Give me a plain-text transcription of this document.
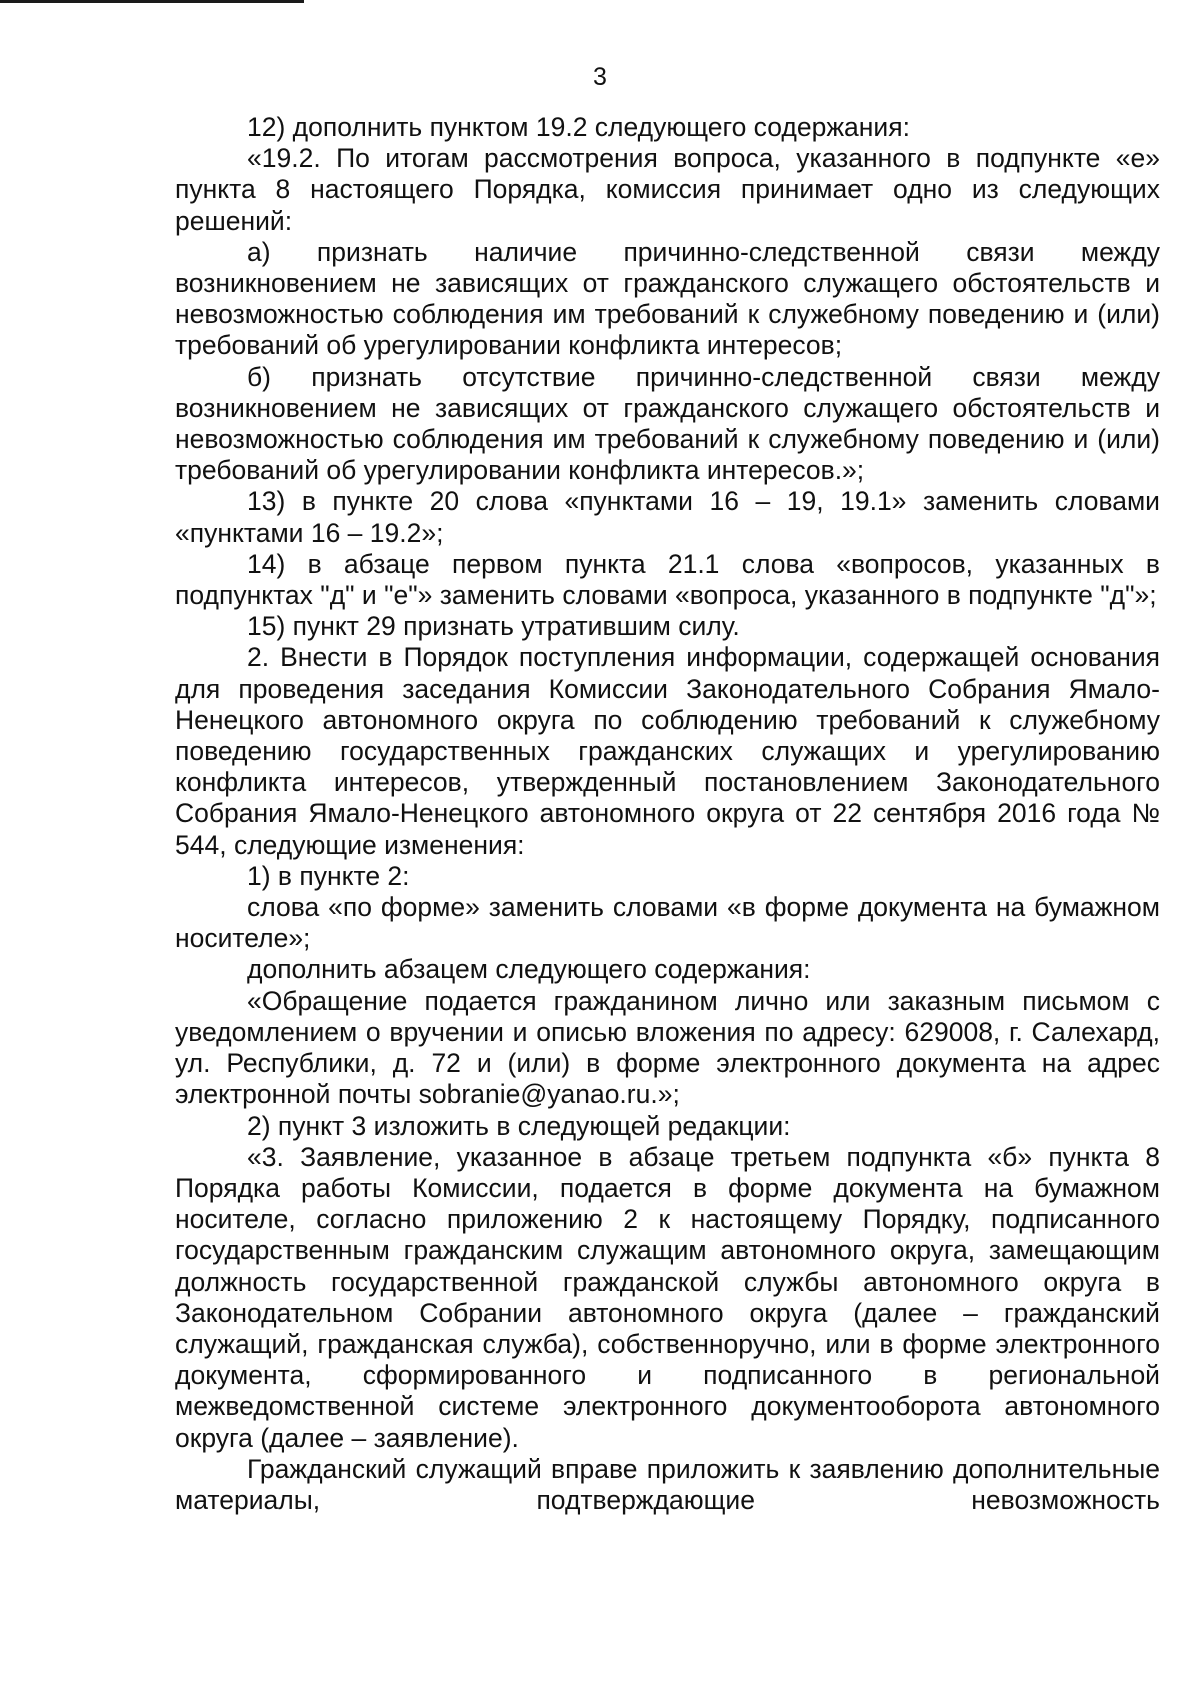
3

12) дополнить пунктом 19.2 следующего содержания:

«19.2. По итогам рассмотрения вопроса, указанного в подпункте «е» пункта 8 настоящего Порядка, комиссия принимает одно из следующих решений:

а) признать наличие причинно-следственной связи между возникновением не зависящих от гражданского служащего обстоятельств и невозможностью соблюдения им требований к служебному поведению и (или) требований об урегулировании конфликта интересов;

б) признать отсутствие причинно-следственной связи между возникновением не зависящих от гражданского служащего обстоятельств и невозможностью соблюдения им требований к служебному поведению и (или) требований об урегулировании конфликта интересов.»;

13) в пункте 20 слова «пунктами 16 – 19, 19.1» заменить словами «пунктами 16 – 19.2»;

14) в абзаце первом пункта 21.1 слова «вопросов, указанных в подпунктах "д" и "е"» заменить словами «вопроса, указанного в подпункте "д"»;

15) пункт 29 признать утратившим силу.

2. Внести в Порядок поступления информации, содержащей основания для проведения заседания Комиссии Законодательного Собрания Ямало-Ненецкого автономного округа по соблюдению требований к служебному поведению государственных гражданских служащих и урегулированию конфликта интересов, утвержденный постановлением Законодательного Собрания Ямало-Ненецкого автономного округа от 22 сентября 2016 года № 544, следующие изменения:

1) в пункте 2:

слова «по форме» заменить словами «в форме документа на бумажном носителе»;

дополнить абзацем следующего содержания:

«Обращение подается гражданином лично или заказным письмом с уведомлением о вручении и описью вложения по адресу: 629008, г. Салехард, ул. Республики, д. 72 и (или) в форме электронного документа на адрес электронной почты sobranie@yanao.ru.»;

2) пункт 3 изложить в следующей редакции:

«3. Заявление, указанное в абзаце третьем подпункта «б» пункта 8 Порядка работы Комиссии, подается в форме документа на бумажном носителе, согласно приложению 2 к настоящему Порядку, подписанного государственным гражданским служащим автономного округа, замещающим должность государственной гражданской службы автономного округа в Законодательном Собрании автономного округа (далее – гражданский служащий, гражданская служба), собственноручно, или в форме электронного документа, сформированного и подписанного в региональной межведомственной системе электронного документооборота автономного округа (далее – заявление).

Гражданский служащий вправе приложить к заявлению дополнительные материалы, подтверждающие невозможность
